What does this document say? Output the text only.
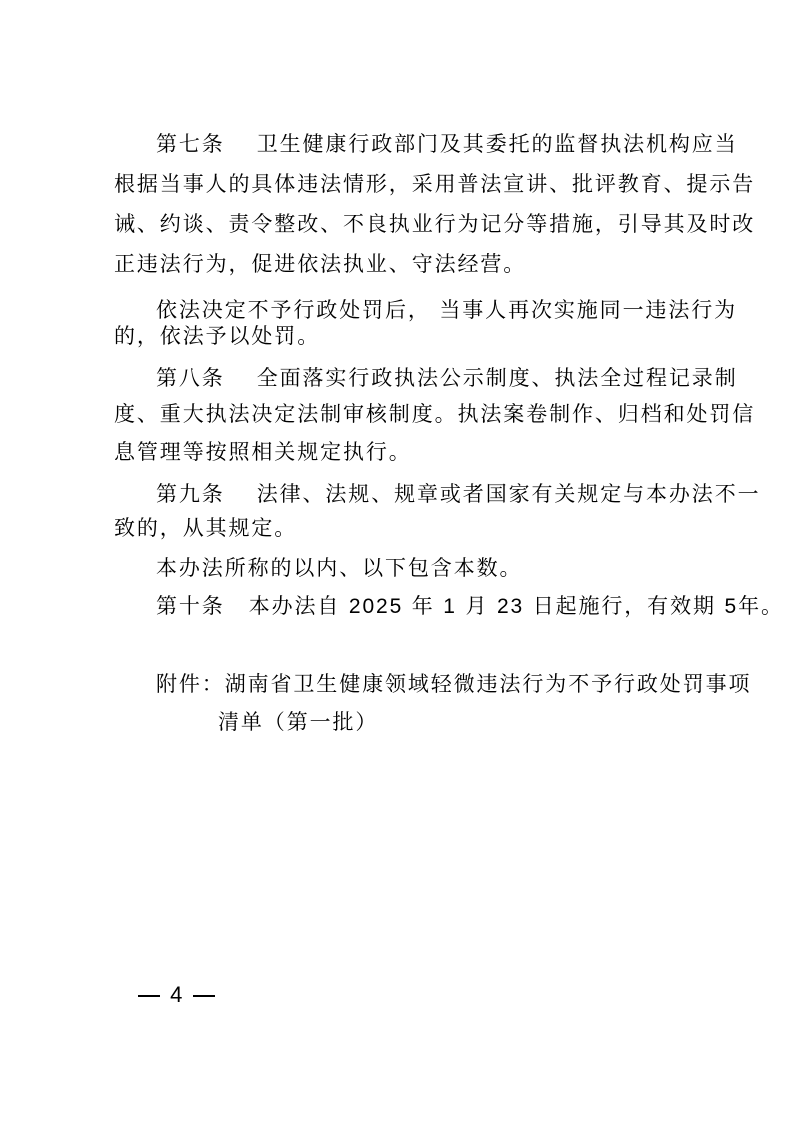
第七条 卫生健康行政部门及其委托的监督执法机构应当
根据当事人的具体违法情形，采用普法宣讲、批评教育、提示告
诫、约谈、责令整改、不良执业行为记分等措施，引导其及时改
正违法行为，促进依法执业、守法经营。
依法决定不予行政处罚后， 当事人再次实施同一违法行为
的，依法予以处罚。
第八条 全面落实行政执法公示制度、执法全过程记录制
度、重大执法决定法制审核制度。执法案卷制作、归档和处罚信
息管理等按照相关规定执行。
第九条 法律、法规、规章或者国家有关规定与本办法不一
致的，从其规定。
本办法所称的以内、以下包含本数。
第十条 本办法自 2025 年 1 月 23 日起施行，有效期 5年。
附件：湖南省卫生健康领域轻微违法行为不予行政处罚事项
清单（第一批）
4
